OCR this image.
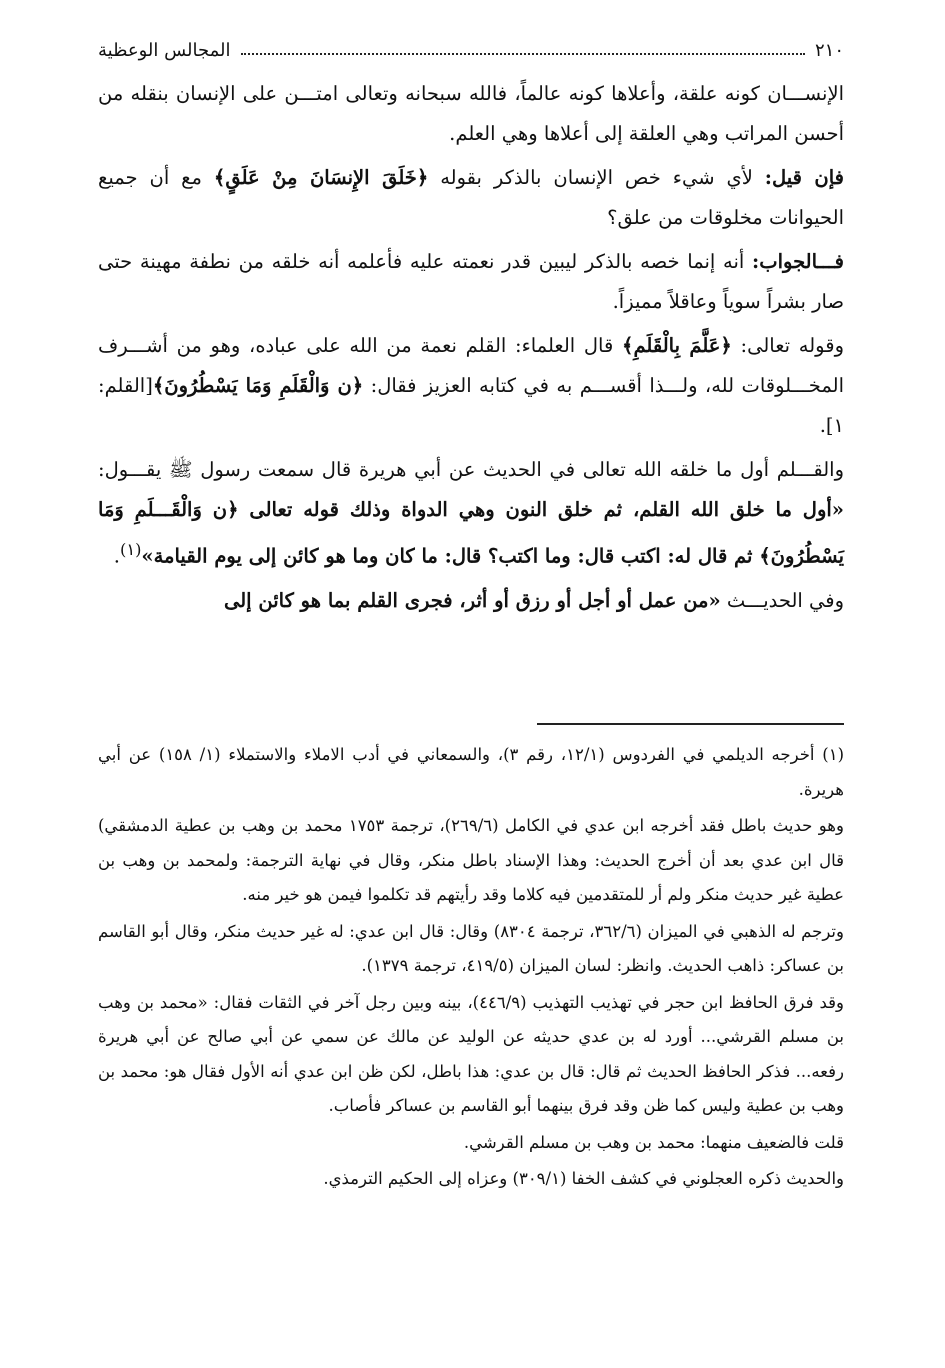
٢١٠
المجالس الوعظية

الإنســـان كونه علقة، وأعلاها كونه عالماً، فالله سبحانه وتعالى امتـــن على الإنسان بنقله من أحسن المراتب وهي العلقة إلى أعلاها وهي العلم.

فإن قيل: لأي شيء خص الإنسان بالذكر بقوله ﴿خَلَقَ الإِنسَانَ مِنْ عَلَقٍ﴾ مع أن جميع الحيوانات مخلوقات من علق؟

فـــالجواب: أنه إنما خصه بالذكر ليبين قدر نعمته عليه فأعلمه أنه خلقه من نطفة مهينة حتى صار بشراً سوياً وعاقلاً مميزاً.

وقوله تعالى: ﴿عَلَّمَ بِالْقَلَمِ﴾ قال العلماء: القلم نعمة من الله على عباده، وهو من أشـــرف المخـــلوقات لله، ولـــذا أقســـم به في كتابه العزيز فقال: ﴿ن وَالْقَلَمِ وَمَا يَسْطُرُونَ﴾[القلم: ١].

والقـــلم أول ما خلقه الله تعالى في الحديث عن أبي هريرة قال سمعت رسول ﷺ يقـــول: «أول ما خلق الله القلم، ثم خلق النون وهي الدواة وذلك قوله تعالى ﴿ن وَالْقَـــلَمِ وَمَا يَسْطُرُونَ﴾ ثم قال له: اكتب قال: وما اكتب؟ قال: ما كان وما هو كائن إلى يوم القيامة»$^{(١)}$.

وفي الحديـــث «من عمل أو أجل أو رزق أو أثر، فجرى القلم بما هو كائن إلى

(١) أخرجه الديلمي في الفردوس (١٢/١، رقم ٣)، والسمعاني في أدب الاملاء والاستملاء (١/ ١٥٨) عن أبي هريرة.

وهو حديث باطل فقد أخرجه ابن عدي في الكامل (٢٦٩/٦)، ترجمة ١٧٥٣ محمد بن وهب بن عطية الدمشقي) قال ابن عدي بعد أن أخرج الحديث: وهذا الإسناد باطل منكر، وقال في نهاية الترجمة: ولمحمد بن وهب بن عطية غير حديث منكر ولم أر للمتقدمين فيه كلاما وقد رأيتهم قد تكلموا فيمن هو خير منه.

وترجم له الذهبي في الميزان (٣٦٢/٦، ترجمة ٨٣٠٤) وقال: قال ابن عدي: له غير حديث منكر، وقال أبو القاسم بن عساكر: ذاهب الحديث. وانظر: لسان الميزان (٤١٩/٥، ترجمة ١٣٧٩).

وقد فرق الحافظ ابن حجر في تهذيب التهذيب (٤٤٦/٩)، بينه وبين رجل آخر في الثقات فقال: «محمد بن وهب بن مسلم القرشي... أورد له بن عدي حديثه عن الوليد عن مالك عن سمي عن أبي صالح عن أبي هريرة رفعه... فذكر الحافظ الحديث ثم قال: قال بن عدي: هذا باطل، لكن ظن ابن عدي أنه الأول فقال هو: محمد بن وهب بن عطية وليس كما ظن وقد فرق بينهما أبو القاسم بن عساكر فأصاب.

قلت فالضعيف منهما: محمد بن وهب بن مسلم القرشي.

والحديث ذكره العجلوني في كشف الخفا (٣٠٩/١) وعزاه إلى الحكيم الترمذي.
